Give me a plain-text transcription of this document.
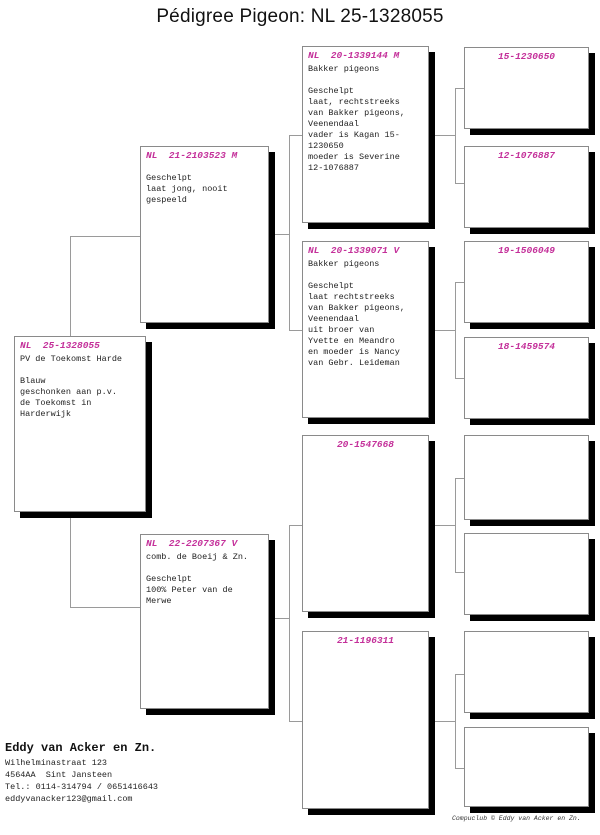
Pédigree Pigeon: NL 25-1328055
NL  25-1328055
PV de Toekomst Harde
Blauw
geschonken aan p.v.
de Toekomst in
Harderwijk
NL  21-2103523 M
Geschelpt
laat jong, nooit
gespeeld
NL  22-2207367 V
comb. de Boeij & Zn.
Geschelpt
100% Peter van de
Merwe
NL  20-1339144 M
Bakker pigeons
Geschelpt
laat, rechtstreeks
van Bakker pigeons,
Veenendaal
vader is Kagan 15-
1230650
moeder is Severine
12-1076887
NL  20-1339071 V
Bakker pigeons
Geschelpt
laat rechtstreeks
van Bakker pigeons,
Veenendaal
uit broer van
Yvette en Meandro
en moeder is Nancy
van Gebr. Leideman
20-1547668
21-1196311
15-1230650
12-1076887
19-1506049
18-1459574
Eddy van Acker en Zn.
Wilhelminastraat 123
4564AA  Sint Jansteen
Tel.: 0114-314794 / 0651416643
eddyvanacker123@gmail.com
Compuclub © Eddy van Acker en Zn.
